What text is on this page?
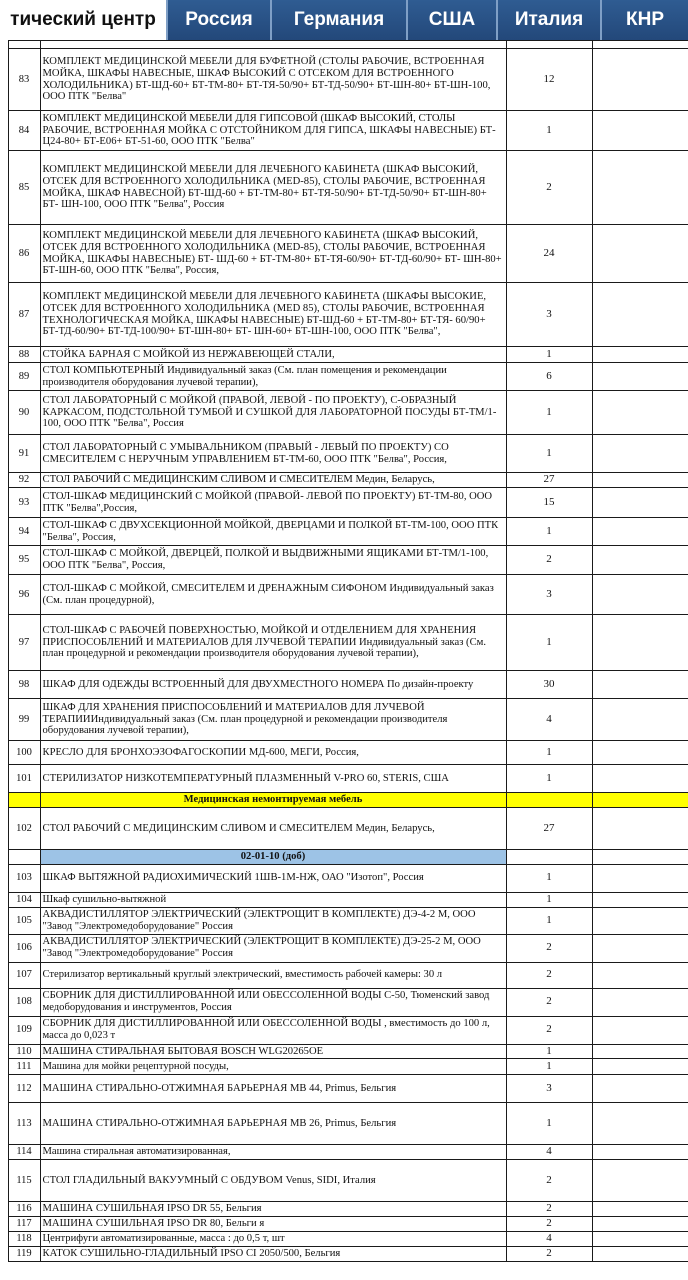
тический центр	Россия	Германия	США	Италия	КНР

	83	КОМПЛЕКТ МЕДИЦИНСКОЙ МЕБЕЛИ ДЛЯ БУФЕТНОЙ (СТОЛЫ РАБОЧИЕ, ВСТРОЕННАЯ МОЙКА, ШКАФЫ НАВЕСНЫЕ, ШКАФ ВЫСОКИЙ С ОТСЕКОМ ДЛЯ ВСТРОЕННОГО ХОЛОДИЛЬНИКА) БТ-ШД-60+ БТ-ТМ-80+ БТ-ТЯ-50/90+ БТ-ТД-50/90+ БТ-ШН-80+ БТ-ШН-100, ООО ПТК "Белва"	12	
	84	КОМПЛЕКТ МЕДИЦИНСКОЙ МЕБЕЛИ ДЛЯ ГИПСОВОЙ (ШКАФ ВЫСОКИЙ, СТОЛЫ РАБОЧИЕ, ВСТРОЕННАЯ МОЙКА С ОТСТОЙНИКОМ ДЛЯ ГИПСА, ШКАФЫ НАВЕСНЫЕ) БТ-Ц24-80+ БТ-Е06+ БТ-51-60, ООО ПТК "Белва"	1	
	85	КОМПЛЕКТ МЕДИЦИНСКОЙ МЕБЕЛИ ДЛЯ ЛЕЧЕБНОГО КАБИНЕТА (ШКАФ ВЫСОКИЙ, ОТСЕК ДЛЯ ВСТРОЕННОГО ХОЛОДИЛЬНИКА (MED-85), СТОЛЫ РАБОЧИЕ, ВСТРОЕННАЯ МОЙКА, ШКАФ НАВЕСНОЙ) БТ-ШД-60 + БТ-ТМ-80+ БТ-ТЯ-50/90+ БТ-ТД-50/90+ БТ-ШН-80+ БТ- ШН-100, ООО ПТК "Белва", Россия	2	
	86	КОМПЛЕКТ МЕДИЦИНСКОЙ МЕБЕЛИ ДЛЯ ЛЕЧЕБНОГО КАБИНЕТА (ШКАФ ВЫСОКИЙ, ОТСЕК ДЛЯ ВСТРОЕННОГО ХОЛОДИЛЬНИКА (MED-85), СТОЛЫ РАБОЧИЕ, ВСТРОЕННАЯ МОЙКА, ШКАФЫ НАВЕСНЫЕ) БТ- ШД-60 + БТ-ТМ-80+ БТ-ТЯ-60/90+ БТ-ТД-60/90+ БТ- ШН-80+ БТ-ШН-60, ООО ПТК "Белва", Россия,	24	
	87	КОМПЛЕКТ МЕДИЦИНСКОЙ МЕБЕЛИ ДЛЯ ЛЕЧЕБНОГО КАБИНЕТА (ШКАФЫ ВЫСОКИЕ, ОТСЕК ДЛЯ ВСТРОЕННОГО ХОЛОДИЛЬНИКА (MED 85), СТОЛЫ РАБОЧИЕ, ВСТРОЕННАЯ ТЕХНОЛОГИЧЕСКАЯ МОЙКА, ШКАФЫ НАВЕСНЫЕ) БТ-ШД-60 + БТ-ТМ-80+ БТ-ТЯ- 60/90+ БТ-ТД-60/90+ БТ-ТД-100/90+ БТ-ШН-80+ БТ- ШН-60+ БТ-ШН-100, ООО ПТК "Белва",	3	
	88	СТОЙКА БАРНАЯ С МОЙКОЙ ИЗ НЕРЖАВЕЮЩЕЙ СТАЛИ,	1	
	89	СТОЛ КОМПЬЮТЕРНЫЙ Индивидуальный заказ (См. план помещения и рекомендации производителя оборудования лучевой терапии),	6	
	90	СТОЛ ЛАБОРАТОРНЫЙ С МОЙКОЙ (ПРАВОЙ, ЛЕВОЙ - ПО ПРОЕКТУ), С-ОБРАЗНЫЙ КАРКАСОМ, ПОДСТОЛЬНОЙ ТУМБОЙ И СУШКОЙ ДЛЯ ЛАБОРАТОРНОЙ ПОСУДЫ БТ-ТМ/1-100, ООО ПТК "Белва", Россия	1	
	91	СТОЛ ЛАБОРАТОРНЫЙ С УМЫВАЛЬНИКОМ (ПРАВЫЙ - ЛЕВЫЙ ПО ПРОЕКТУ) СО СМЕСИТЕЛЕМ С НЕРУЧНЫМ УПРАВЛЕНИЕМ БТ-ТМ-60, ООО ПТК "Белва", Россия,	1	
	92	СТОЛ РАБОЧИЙ С МЕДИЦИНСКИМ СЛИВОМ И СМЕСИТЕЛЕМ Медин, Беларусь,	27	
	93	СТОЛ-ШКАФ МЕДИЦИНСКИЙ С МОЙКОЙ (ПРАВОЙ- ЛЕВОЙ ПО ПРОЕКТУ) БТ-ТМ-80, ООО ПТК "Белва",Россия,	15	
	94	СТОЛ-ШКАФ С ДВУХСЕКЦИОННОЙ МОЙКОЙ, ДВЕРЦАМИ И ПОЛКОЙ БТ-ТМ-100, ООО ПТК "Белва", Россия,	1	
	95	СТОЛ-ШКАФ С МОЙКОЙ, ДВЕРЦЕЙ, ПОЛКОЙ И ВЫДВИЖНЫМИ ЯЩИКАМИ БТ-ТМ/1-100, ООО ПТК "Белва", Россия,	2	
	96	СТОЛ-ШКАФ С МОЙКОЙ, СМЕСИТЕЛЕМ И ДРЕНАЖНЫМ СИФОНОМ Индивидуальный заказ (См. план процедурной),	3	
	97	СТОЛ-ШКАФ С РАБОЧЕЙ ПОВЕРХНОСТЬЮ, МОЙКОЙ И ОТДЕЛЕНИЕМ ДЛЯ ХРАНЕНИЯ ПРИСПОСОБЛЕНИЙ И МАТЕРИАЛОВ ДЛЯ ЛУЧЕВОЙ ТЕРАПИИ Индивидуальный заказ (См. план процедурной и рекомендации производителя оборудования лучевой терапии),	1	
	98	ШКАФ ДЛЯ ОДЕЖДЫ ВСТРОЕННЫЙ ДЛЯ ДВУХМЕСТНОГО НОМЕРА По дизайн-проекту	30	
	99	ШКАФ ДЛЯ ХРАНЕНИЯ ПРИСПОСОБЛЕНИЙ И МАТЕРИАЛОВ ДЛЯ ЛУЧЕВОЙ ТЕРАПИИИндивидуальный заказ (См. план процедурной и рекомендации производителя оборудования лучевой терапии),	4	
	100	КРЕСЛО ДЛЯ БРОНХОЭЗОФАГОСКОПИИ МД-600, МЕГИ, Россия,	1	
	101	СТЕРИЛИЗАТОР НИЗКОТЕМПЕРАТУРНЫЙ ПЛАЗМЕННЫЙ V-PRO 60, STERIS, США	1	
		Медицинская немонтируемая мебель		
	102	СТОЛ РАБОЧИЙ С МЕДИЦИНСКИМ СЛИВОМ И СМЕСИТЕЛЕМ Медин, Беларусь,	27	
		02-01-10 (доб)		
	103	ШКАФ ВЫТЯЖНОЙ РАДИОХИМИЧЕСКИЙ 1ШВ-1М-НЖ, ОАО "Изотоп", Россия	1	
	104	Шкаф сушильно-вытяжной	1	
	105	АКВАДИСТИЛЛЯТОР ЭЛЕКТРИЧЕСКИЙ (ЭЛЕКТРОЩИТ В КОМПЛЕКТЕ) ДЭ-4-2 М, ООО "Завод "Электромедоборудование" Россия	1	
	106	АКВАДИСТИЛЛЯТОР ЭЛЕКТРИЧЕСКИЙ (ЭЛЕКТРОЩИТ В КОМПЛЕКТЕ) ДЭ-25-2 М, ООО "Завод "Электромедоборудование" Россия	2	
	107	Стерилизатор вертикальный круглый электрический, вместимость рабочей камеры: 30 л	2	
	108	СБОРНИК ДЛЯ ДИСТИЛЛИРОВАННОЙ ИЛИ ОБЕССОЛЕННОЙ ВОДЫ С-50, Тюменский завод медоборудования и инструментов, Россия	2	
	109	СБОРНИК ДЛЯ ДИСТИЛЛИРОВАННОЙ ИЛИ ОБЕССОЛЕННОЙ ВОДЫ , вместимость до 100 л, масса до 0,023 т	2	
	110	МАШИНА СТИРАЛЬНАЯ БЫТОВАЯ BOSCH WLG20265OE	1	
	111	Машина для мойки рецептурной посуды,	1	
	112	МАШИНА СТИРАЛЬНО-ОТЖИМНАЯ БАРЬЕРНАЯ MB 44, Primus, Бельгия	3	
	113	МАШИНА СТИРАЛЬНО-ОТЖИМНАЯ БАРЬЕРНАЯ MB 26, Primus, Бельгия	1	
	114	Машина стиральная автоматизированная,	4	
	115	СТОЛ ГЛАДИЛЬНЫЙ ВАКУУМНЫЙ С ОБДУВОМ Venus, SIDI, Италия	2	
	116	МАШИНА СУШИЛЬНАЯ IPSO DR 55, Бельгия	2	
	117	МАШИНА СУШИЛЬНАЯ IPSO DR 80, Бельги я	2	
	118	Центрифуги автоматизированные, масса : до 0,5 т, шт	4	
	119	КАТОК СУШИЛЬНО-ГЛАДИЛЬНЫЙ IPSO CI 2050/500, Бельгия	2	
